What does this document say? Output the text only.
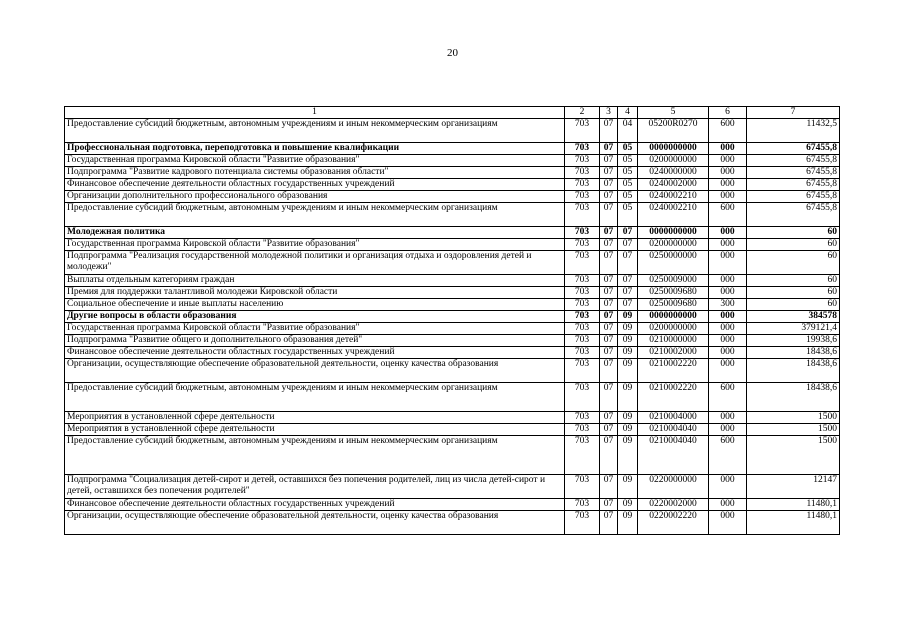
20
1	2	3	4	5	6	7
Предоставление субсидий бюджетным, автономным учреждениям и иным некоммерческим организациям	703	07	04	05200R0270	600	11432,5
Профессиональная подготовка, переподготовка и повышение квалификации	703	07	05	0000000000	000	67455,8
Государственная программа Кировской области "Развитие образования"	703	07	05	0200000000	000	67455,8
Подпрограмма "Развитие кадрового потенциала системы образования области"	703	07	05	0240000000	000	67455,8
Финансовое обеспечение деятельности областных государственных учреждений	703	07	05	0240002000	000	67455,8
Организации дополнительного профессионального образования	703	07	05	0240002210	000	67455,8
Предоставление субсидий бюджетным, автономным учреждениям и иным некоммерческим организациям	703	07	05	0240002210	600	67455,8
Молодежная политика	703	07	07	0000000000	000	60
Государственная программа Кировской области "Развитие образования"	703	07	07	0200000000	000	60
Подпрограмма "Реализация государственной молодежной политики и организация отдыха и оздоровления детей и молодежи"	703	07	07	0250000000	000	60
Выплаты отдельным категориям граждан	703	07	07	0250009000	000	60
Премия для поддержки талантливой молодежи Кировской области	703	07	07	0250009680	000	60
Социальное обеспечение и иные выплаты населению	703	07	07	0250009680	300	60
Другие вопросы в области образования	703	07	09	0000000000	000	384578
Государственная программа Кировской области "Развитие образования"	703	07	09	0200000000	000	379121,4
Подпрограмма "Развитие общего и дополнительного образования детей"	703	07	09	0210000000	000	19938,6
Финансовое обеспечение деятельности областных государственных учреждений	703	07	09	0210002000	000	18438,6
Организации, осуществляющие обеспечение образовательной деятельности, оценку качества образования	703	07	09	0210002220	000	18438,6
Предоставление субсидий бюджетным, автономным учреждениям и иным некоммерческим организациям	703	07	09	0210002220	600	18438,6
Мероприятия в установленной сфере деятельности	703	07	09	0210004000	000	1500
Мероприятия в установленной сфере деятельности	703	07	09	0210004040	000	1500
Предоставление субсидий бюджетным, автономным учреждениям и иным некоммерческим организациям	703	07	09	0210004040	600	1500
Подпрограмма "Социализация детей-сирот и детей, оставшихся без попечения родителей, лиц из числа детей-сирот и детей, оставшихся без попечения родителей"	703	07	09	0220000000	000	12147
Финансовое обеспечение деятельности областных государственных учреждений	703	07	09	0220002000	000	11480,1
Организации, осуществляющие обеспечение образовательной деятельности, оценку качества образования	703	07	09	0220002220	000	11480,1
